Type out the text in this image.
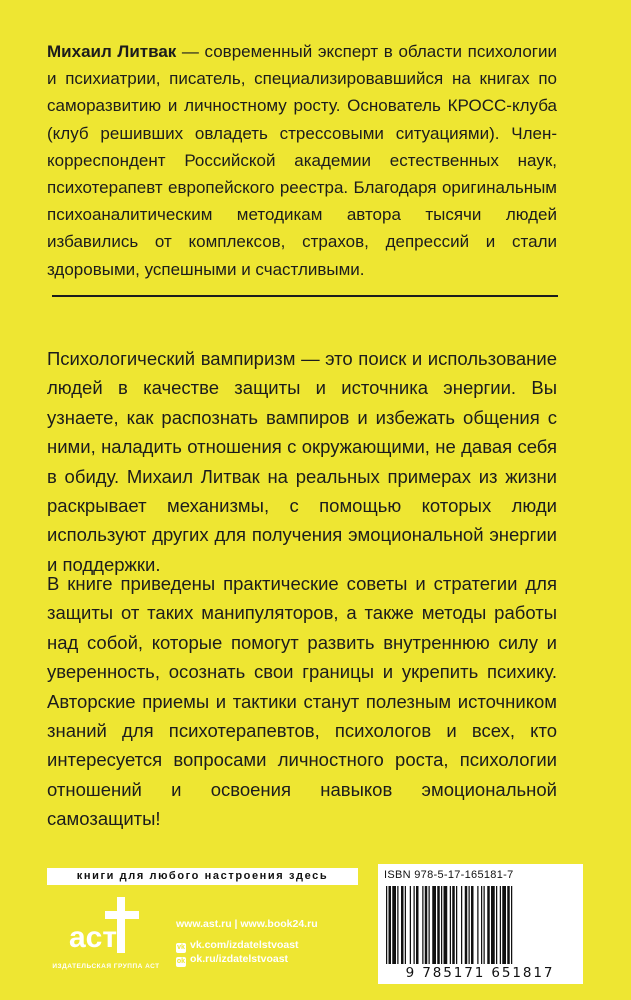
Михаил Литвак — современный эксперт в области психологии и психиатрии, писатель, специализировавшийся на книгах по саморазвитию и личностному росту. Основатель КРОСС-клуба (клуб решивших овладеть стрессовыми ситуациями). Член-корреспондент Российской академии естественных наук, психотерапевт европейского реестра. Благодаря оригинальным психоаналитическим методикам автора тысячи людей избавились от комплексов, страхов, депрессий и стали здоровыми, успешными и счастливыми.

Психологический вампиризм — это поиск и использование людей в качестве защиты и источника энергии. Вы узнаете, как распознать вампиров и избежать общения с ними, наладить отношения с окружающими, не давая себя в обиду. Михаил Литвак на реальных примерах из жизни раскрывает механизмы, с помощью которых люди используют других для получения эмоциональной энергии и поддержки.

В книге приведены практические советы и стратегии для защиты от таких манипуляторов, а также методы работы над собой, которые помогут развить внутреннюю силу и уверенность, осознать свои границы и укрепить психику. Авторские приемы и тактики станут полезным источником знаний для психотерапевтов, психологов и всех, кто интересуется вопросами личностного роста, психологии отношений и освоения навыков эмоциональной самозащиты!

книги для любого настроения здесь
аст
ИЗДАТЕЛЬСКАЯ ГРУППА АСТ
www.ast.ru | www.book24.ru
vk vk.com/izdatelstvoast
ok ok.ru/izdatelstvoast
ISBN 978-5-17-165181-7
9 785171 651817
